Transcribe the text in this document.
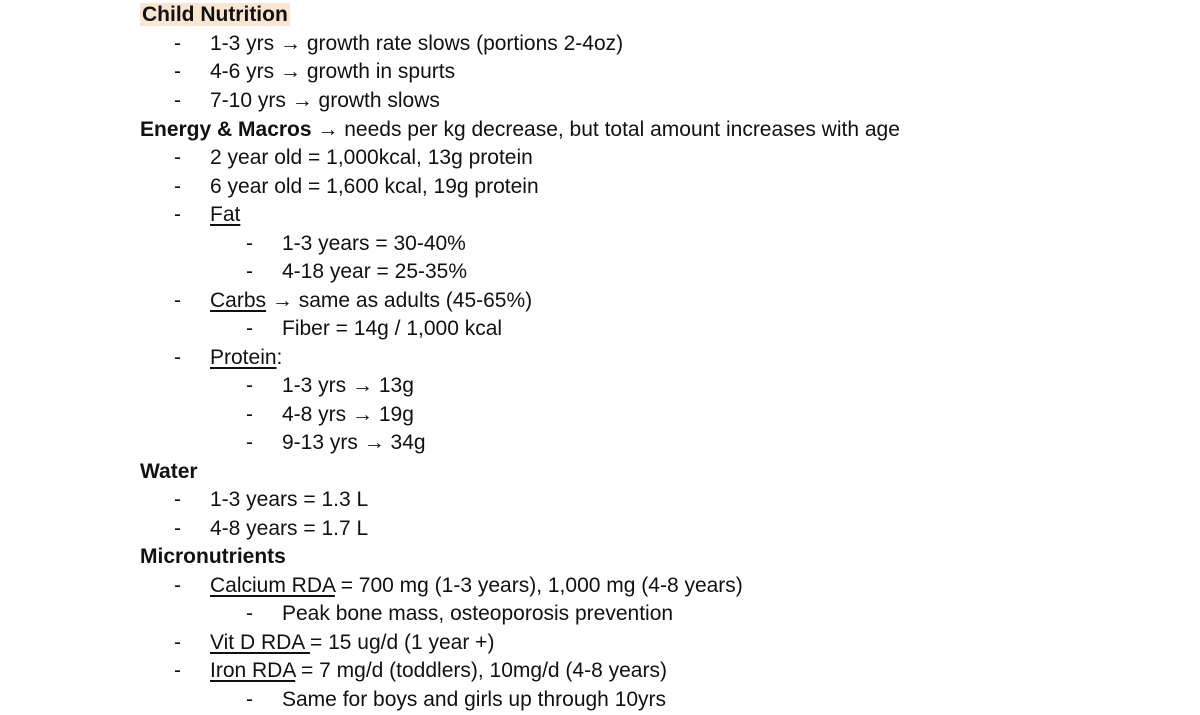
Child Nutrition
- 1-3 yrs → growth rate slows (portions 2-4oz)
- 4-6 yrs → growth in spurts
- 7-10 yrs → growth slows
Energy & Macros → needs per kg decrease, but total amount increases with age
- 2 year old = 1,000kcal, 13g protein
- 6 year old = 1,600 kcal, 19g protein
- Fat
- 1-3 years = 30-40%
- 4-18 year = 25-35%
- Carbs → same as adults (45-65%)
- Fiber = 14g / 1,000 kcal
- Protein:
- 1-3 yrs → 13g
- 4-8 yrs → 19g
- 9-13 yrs → 34g
Water
- 1-3 years = 1.3 L
- 4-8 years = 1.7 L
Micronutrients
- Calcium RDA = 700 mg (1-3 years), 1,000 mg (4-8 years)
- Peak bone mass, osteoporosis prevention
- Vit D RDA = 15 ug/d (1 year +)
- Iron RDA = 7 mg/d (toddlers), 10mg/d (4-8 years)
- Same for boys and girls up through 10yrs
